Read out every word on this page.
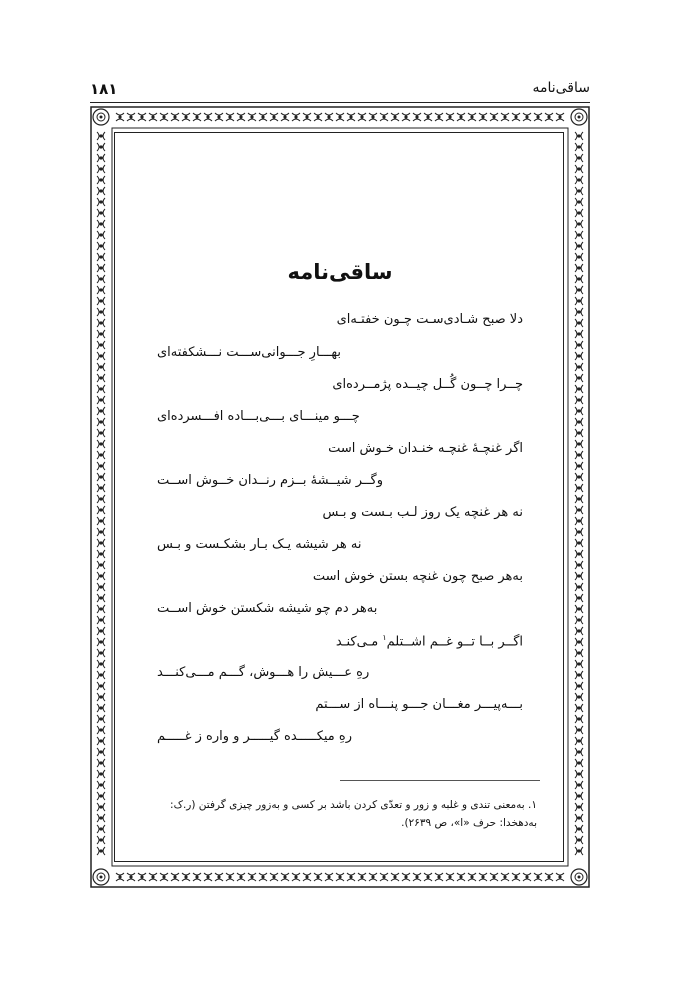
۱۸۱	ساقی‌نامه
ساقی‌نامه
دلا صبح شـادی‌سـت چـون خفتـه‌ای
بهـــارِ جـــوانی‌ســـت نـــشکفته‌ای
چــرا چــون گُــل چیــده پژمــرده‌ای
چـــو مینـــای بـــی‌بـــاده افـــسرده‌ای
اگر غنچـهٔ غنچـه خنـدان خـوش است
وگــر شیــشهٔ بــزم رنــدان خــوش اســت
نه هر غنچه یک روز لـب بـست و بـس
نه هر شیشه یـک بـار بشکـست و بـس
به‌هر صبح چون غنچه بستن خوش است
به‌هر دم چو شیشه شکستن خوش اســت
اگــر بــا تــو غــم اشــتلم$^۱$ مـی‌کنـد
رهِ عـــیش را هـــوش، گـــم مـــی‌کنـــد
بـــه‌پیـــر مغـــان جـــو پنـــاه از ســـتم
رهِ میکـــــده گیـــــر و واره ز غـــــم
۱. به‌معنی تندی و غلبه و زور و تعدّی کردن باشد بر کسی و به‌زور چیزی گرفتن (ر.ک:
به‌دهخدا: حرف «ا»، ص ۲۶۳۹).
